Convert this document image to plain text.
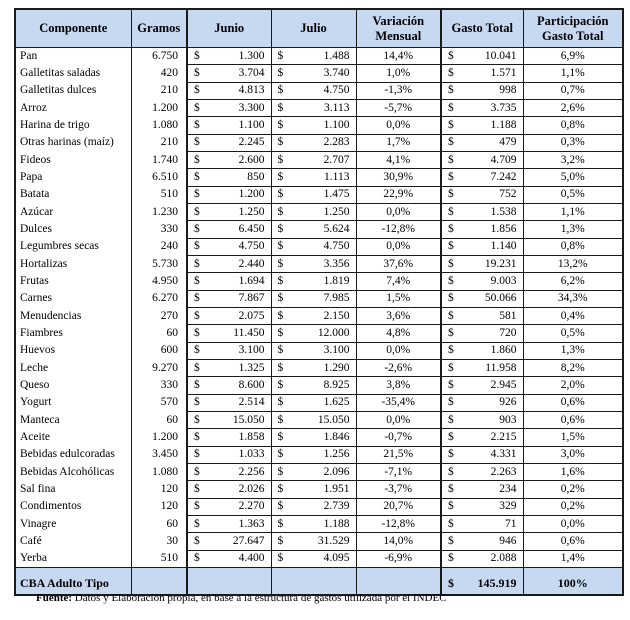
Componente	Gramos	Junio	Julio	Variación Mensual	Gasto Total	Participación Gasto Total
Pan	6.750	$ 1.300	$ 1.488	14,4%	$ 10.041	6,9%
Galletitas saladas	420	$ 3.704	$ 3.740	1,0%	$ 1.571	1,1%
Galletitas dulces	210	$ 4.813	$ 4.750	-1,3%	$ 998	0,7%
Arroz	1.200	$ 3.300	$ 3.113	-5,7%	$ 3.735	2,6%
Harina de trigo	1.080	$ 1.100	$ 1.100	0,0%	$ 1.188	0,8%
Otras harinas (maíz)	210	$ 2.245	$ 2.283	1,7%	$ 479	0,3%
Fideos	1.740	$ 2.600	$ 2.707	4,1%	$ 4.709	3,2%
Papa	6.510	$ 850	$ 1.113	30,9%	$ 7.242	5,0%
Batata	510	$ 1.200	$ 1.475	22,9%	$ 752	0,5%
Azúcar	1.230	$ 1.250	$ 1.250	0,0%	$ 1.538	1,1%
Dulces	330	$ 6.450	$ 5.624	-12,8%	$ 1.856	1,3%
Legumbres secas	240	$ 4.750	$ 4.750	0,0%	$ 1.140	0,8%
Hortalizas	5.730	$ 2.440	$ 3.356	37,6%	$ 19.231	13,2%
Frutas	4.950	$ 1.694	$ 1.819	7,4%	$ 9.003	6,2%
Carnes	6.270	$ 7.867	$ 7.985	1,5%	$ 50.066	34,3%
Menudencias	270	$ 2.075	$ 2.150	3,6%	$ 581	0,4%
Fiambres	60	$ 11.450	$ 12.000	4,8%	$ 720	0,5%
Huevos	600	$ 3.100	$ 3.100	0,0%	$ 1.860	1,3%
Leche	9.270	$ 1.325	$ 1.290	-2,6%	$ 11.958	8,2%
Queso	330	$ 8.600	$ 8.925	3,8%	$ 2.945	2,0%
Yogurt	570	$ 2.514	$ 1.625	-35,4%	$ 926	0,6%
Manteca	60	$ 15.050	$ 15.050	0,0%	$ 903	0,6%
Aceite	1.200	$ 1.858	$ 1.846	-0,7%	$ 2.215	1,5%
Bebidas edulcoradas	3.450	$ 1.033	$ 1.256	21,5%	$ 4.331	3,0%
Bebidas Alcohólicas	1.080	$ 2.256	$ 2.096	-7,1%	$ 2.263	1,6%
Sal fina	120	$ 2.026	$ 1.951	-3,7%	$ 234	0,2%
Condimentos	120	$ 2.270	$ 2.739	20,7%	$ 329	0,2%
Vinagre	60	$ 1.363	$ 1.188	-12,8%	$ 71	0,0%
Café	30	$ 27.647	$ 31.529	14,0%	$ 946	0,6%
Yerba	510	$ 4.400	$ 4.095	-6,9%	$ 2.088	1,4%
CBA Adulto Tipo					$ 145.919	100%
Fuente: Datos y Elaboración propia, en base a la estructura de gastos utilizada por el INDEC
